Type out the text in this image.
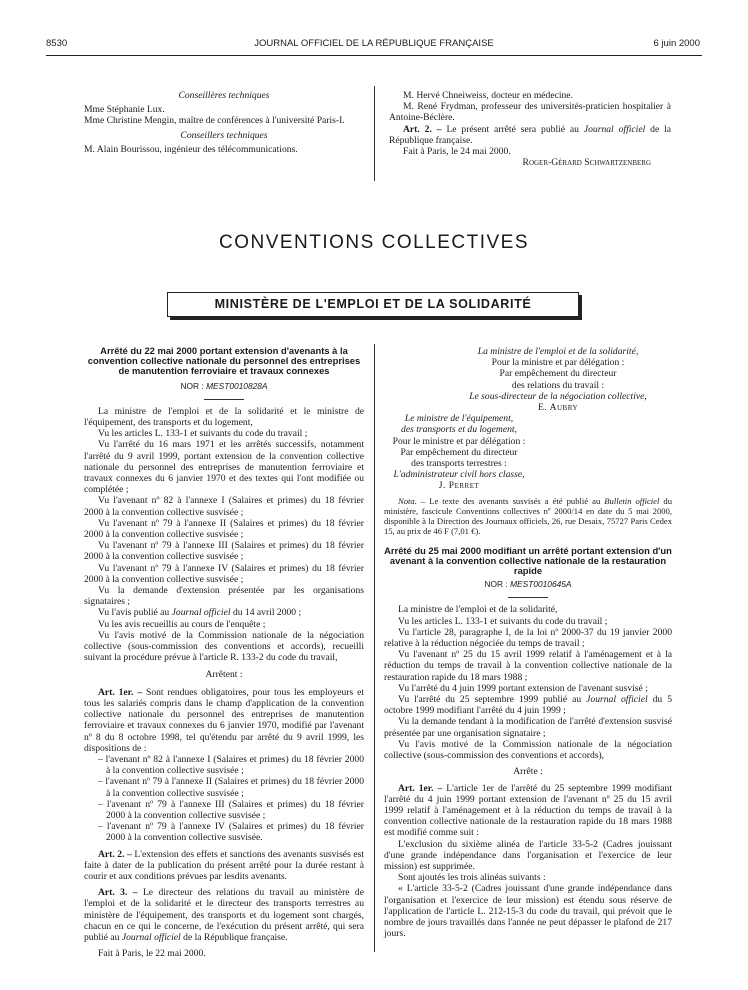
8530	JOURNAL OFFICIEL DE LA RÉPUBLIQUE FRANÇAISE	6 juin 2000

Conseillères techniques

Mme Stéphanie Lux.

Mme Christine Mengin, maître de conférences à l'université Paris-I.

Conseillers techniques

M. Alain Bourissou, ingénieur des télécommunications.

M. Hervé Chneiweiss, docteur en médecine.

M. René Frydman, professeur des universités-praticien hospitalier à Antoine-Béclère.

Art. 2. – Le présent arrêté sera publié au Journal officiel de la République française.

Fait à Paris, le 24 mai 2000.

Roger-Gérard Schwartzenberg

CONVENTIONS COLLECTIVES
MINISTÈRE DE L'EMPLOI ET DE LA SOLIDARITÉ

Arrêté du 22 mai 2000 portant extension d'avenants à la convention collective nationale du personnel des entreprises de manutention ferroviaire et travaux connexes

NOR : MESТ0010828A

La ministre de l'emploi et de la solidarité et le ministre de l'équipement, des transports et du logement,

Vu les articles L. 133-1 et suivants du code du travail ;

Vu l'arrêté du 16 mars 1971 et les arrêtés successifs, notamment l'arrêté du 9 avril 1999, portant extension de la convention collective nationale du personnel des entreprises de manutention ferroviaire et travaux connexes du 6 janvier 1970 et des textes qui l'ont modifiée ou complétée ;

Vu l'avenant nº 82 à l'annexe I (Salaires et primes) du 18 février 2000 à la convention collective susvisée ;

Vu l'avenant nº 79 à l'annexe II (Salaires et primes) du 18 février 2000 à la convention collective susvisée ;

Vu l'avenant nº 79 à l'annexe III (Salaires et primes) du 18 février 2000 à la convention collective susvisée ;

Vu l'avenant nº 79 à l'annexe IV (Salaires et primes) du 18 février 2000 à la convention collective susvisée ;

Vu la demande d'extension présentée par les organisations signataires ;

Vu l'avis publié au Journal officiel du 14 avril 2000 ;

Vu les avis recueillis au cours de l'enquête ;

Vu l'avis motivé de la Commission nationale de la négociation collective (sous-commission des conventions et accords), recueilli suivant la procédure prévue à l'article R. 133-2 du code du travail,

Arrêtent :

Art. 1er. – Sont rendues obligatoires, pour tous les employeurs et tous les salariés compris dans le champ d'application de la convention collective nationale du personnel des entreprises de manutention ferroviaire et travaux connexes du 6 janvier 1970, modifié par l'avenant nº 8 du 8 octobre 1998, tel qu'étendu par arrêté du 9 avril 1999, les dispositions de :

– l'avenant nº 82 à l'annexe I (Salaires et primes) du 18 février 2000 à la convention collective susvisée ;

– l'avenant nº 79 à l'annexe II (Salaires et primes) du 18 février 2000 à la convention collective susvisée ;

– l'avenant nº 79 à l'annexe III (Salaires et primes) du 18 février 2000 à la convention collective susvisée ;

– l'avenant nº 79 à l'annexe IV (Salaires et primes) du 18 février 2000 à la convention collective susvisée.

Art. 2. – L'extension des effets et sanctions des avenants susvisés est faite à dater de la publication du présent arrêté pour la durée restant à courir et aux conditions prévues par lesdits avenants.

Art. 3. – Le directeur des relations du travail au ministère de l'emploi et de la solidarité et le directeur des transports terrestres au ministère de l'équipement, des transports et du logement sont chargés, chacun en ce qui le concerne, de l'exécution du présent arrêté, qui sera publié au Journal officiel de la République française.

Fait à Paris, le 22 mai 2000.

La ministre de l'emploi et de la solidarité,

Pour la ministre et par délégation :

Par empêchement du directeur

des relations du travail :

Le sous-directeur de la négociation collective,

E. Aubry

Le ministre de l'équipement,

des transports et du logement,

Pour le ministre et par délégation :

Par empêchement du directeur

des transports terrestres :

L'administrateur civil hors classe,

J. Perret

Nota. – Le texte des avenants susvisés a été publié au Bulletin officiel du ministère, fascicule Conventions collectives nº 2000/14 en date du 5 mai 2000, disponible à la Direction des Journaux officiels, 26, rue Desaix, 75727 Paris Cedex 15, au prix de 46 F (7,01 €).

Arrêté du 25 mai 2000 modifiant un arrêté portant extension d'un avenant à la convention collective nationale de la restauration rapide

NOR : MESТ0010645A

La ministre de l'emploi et de la solidarité,

Vu les articles L. 133-1 et suivants du code du travail ;

Vu l'article 28, paragraphe I, de la loi nº 2000-37 du 19 janvier 2000 relative à la réduction négociée du temps de travail ;

Vu l'avenant nº 25 du 15 avril 1999 relatif à l'aménagement et à la réduction du temps de travail à la convention collective nationale de la restauration rapide du 18 mars 1988 ;

Vu l'arrêté du 4 juin 1999 portant extension de l'avenant susvisé ;

Vu l'arrêté du 25 septembre 1999 publié au Journal officiel du 5 octobre 1999 modifiant l'arrêté du 4 juin 1999 ;

Vu la demande tendant à la modification de l'arrêté d'extension susvisé présentée par une organisation signataire ;

Vu l'avis motivé de la Commission nationale de la négociation collective (sous-commission des conventions et accords),

Arrête :

Art. 1er. – L'article 1er de l'arrêté du 25 septembre 1999 modifiant l'arrêté du 4 juin 1999 portant extension de l'avenant nº 25 du 15 avril 1999 relatif à l'aménagement et à la réduction du temps de travail à la convention collective nationale de la restauration rapide du 18 mars 1988 est modifié comme suit :

L'exclusion du sixième alinéa de l'article 33-5-2 (Cadres jouissant d'une grande indépendance dans l'organisation et l'exercice de leur mission) est supprimée.

Sont ajoutés les trois alinéas suivants :

« L'article 33-5-2 (Cadres jouissant d'une grande indépendance dans l'organisation et l'exercice de leur mission) est étendu sous réserve de l'application de l'article L. 212-15-3 du code du travail, qui prévoit que le nombre de jours travaillés dans l'année ne peut dépasser le plafond de 217 jours.
